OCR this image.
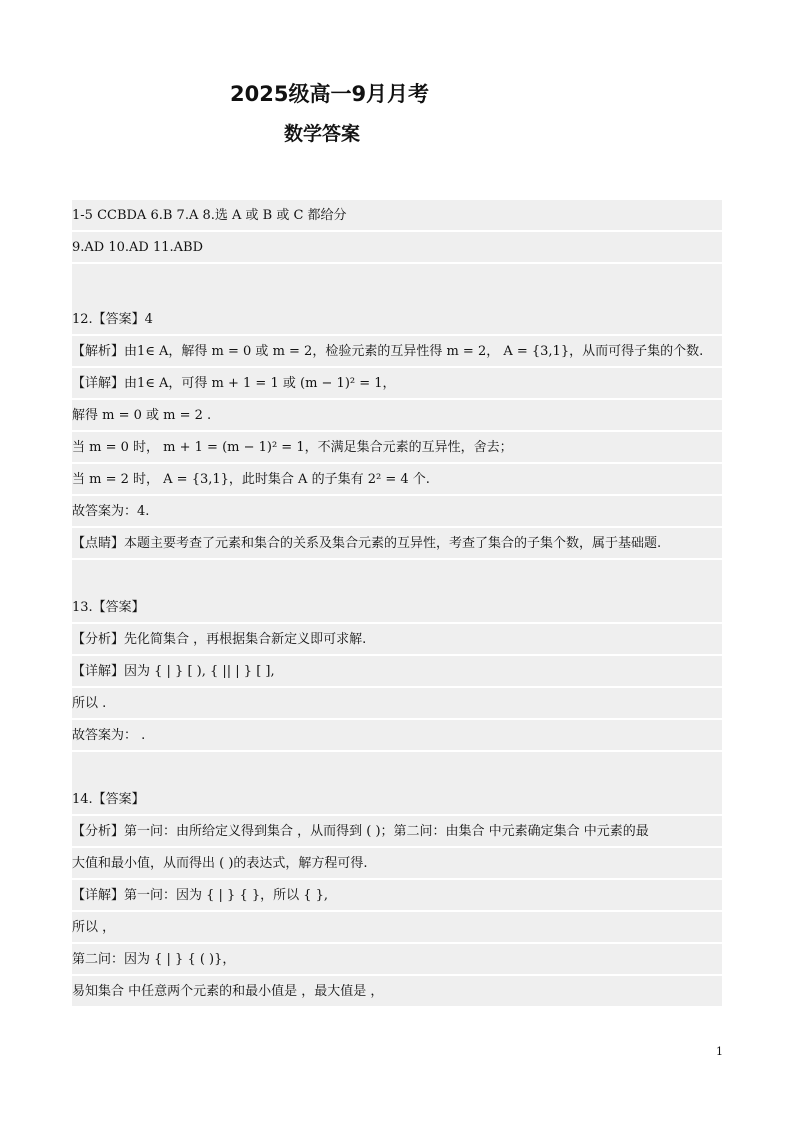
2025级高一9月月考
数学答案
1-5 CCBDA 6.B 7.A 8.选 A 或 B 或 C 都给分
9.AD 10.AD 11.ABD
12.【答案】4
【解析】由1∈ A，解得 m = 0 或 m = 2，检验元素的互异性得 m = 2， A = {3,1}，从而可得子集的个数.
【详解】由1∈ A，可得 m + 1 = 1 或 (m − 1)² = 1，
解得 m = 0 或 m = 2 .
当 m = 0 时， m + 1 = (m − 1)² = 1，不满足集合元素的互异性，舍去；
当 m = 2 时， A = {3,1}，此时集合 A 的子集有 2² = 4 个.
故答案为：4.
【点睛】本题主要考查了元素和集合的关系及集合元素的互异性，考查了集合的子集个数，属于基础题.
13.【答案】
【分析】先化简集合 ，再根据集合新定义即可求解.
【详解】因为 { | } [ ), { || | } [ ],
所以 .
故答案为： .
14.【答案】
【分析】第一问：由所给定义得到集合 ，从而得到 ( )；第二问：由集合 中元素确定集合 中元素的最
大值和最小值，从而得出 ( )的表达式，解方程可得.
【详解】第一问：因为 { | } { }，所以 { },
所以 ，
第二问：因为 { | } { ( )}，
易知集合 中任意两个元素的和最小值是 ，最大值是 ，
1
